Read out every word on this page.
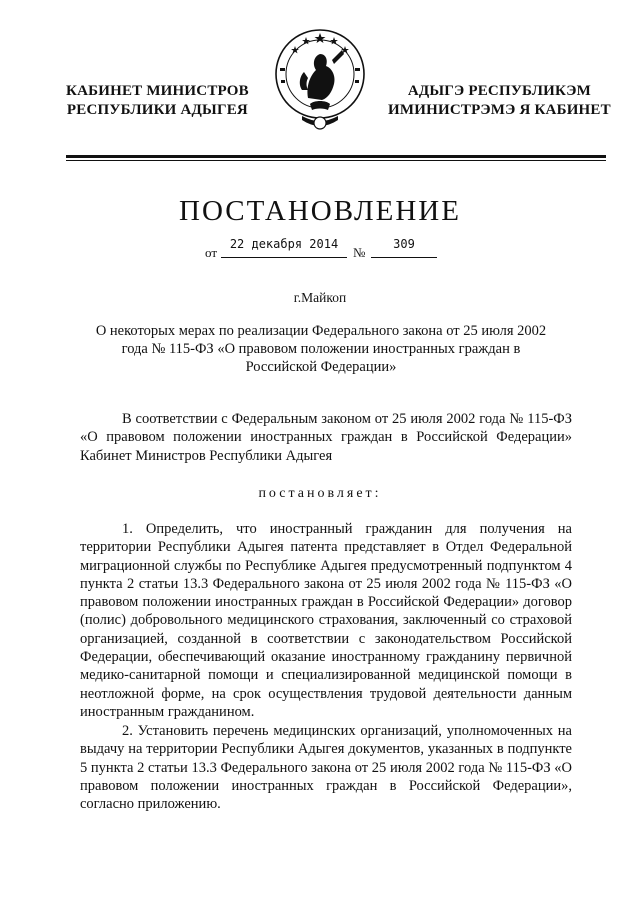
КАБИНЕТ МИНИСТРОВ
РЕСПУБЛИКИ АДЫГЕЯ
АДЫГЭ РЕСПУБЛИКЭМ
ИМИНИСТРЭМЭ Я КАБИНЕТ
ПОСТАНОВЛЕНИЕ
от
22 декабря 2014
№
309
г.Майкоп
О некоторых мерах по реализации Федерального закона от 25 июля 2002 года № 115-ФЗ «О правовом положении иностранных граждан в Российской Федерации»

В соответствии с Федеральным законом от 25 июля 2002 года № 115-ФЗ «О правовом положении иностранных граждан в Российской Федерации» Кабинет Министров Республики Адыгея

постановляет:

1. Определить, что иностранный гражданин для получения на территории Республики Адыгея патента представляет в Отдел Федеральной миграционной службы по Республике Адыгея предусмотренный подпунктом 4 пункта 2 статьи 13.3 Федерального закона от 25 июля 2002 года № 115-ФЗ «О правовом положении иностранных граждан в Российской Федерации» договор (полис) добровольного медицинского страхования, заключенный со страховой организацией, созданной в соответствии с законодательством Российской Федерации, обеспечивающий оказание иностранному гражданину первичной медико-санитарной помощи и специализированной медицинской помощи в неотложной форме, на срок осуществления трудовой деятельности данным иностранным гражданином.

2. Установить перечень медицинских организаций, уполномоченных на выдачу на территории Республики Адыгея документов, указанных в подпункте 5 пункта 2 статьи 13.3 Федерального закона от 25 июля 2002 года № 115-ФЗ «О правовом положении иностранных граждан в Российской Федерации», согласно приложению.
